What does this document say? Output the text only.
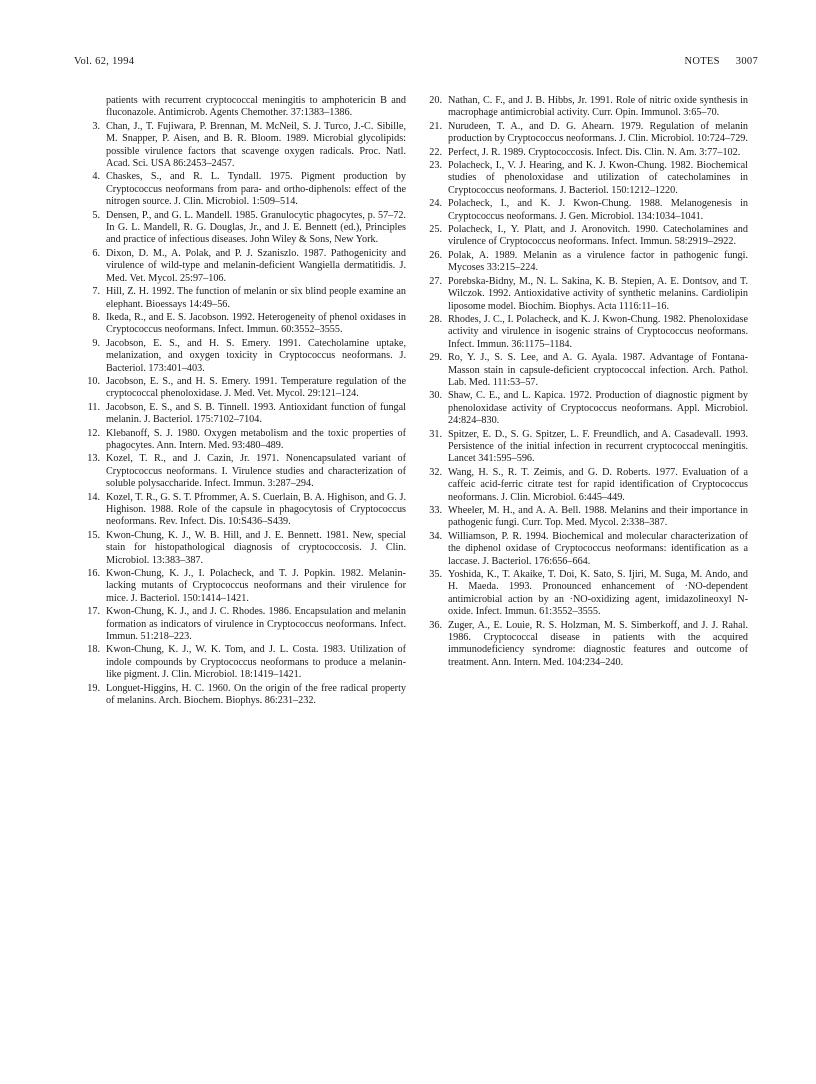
Vol. 62, 1994	NOTES 3007
patients with recurrent cryptococcal meningitis to amphotericin B and fluconazole. Antimicrob. Agents Chemother. 37:1383–1386.
3. Chan, J., T. Fujiwara, P. Brennan, M. McNeil, S. J. Turco, J.-C. Sibille, M. Snapper, P. Aisen, and B. R. Bloom. 1989. Microbial glycolipids: possible virulence factors that scavenge oxygen radicals. Proc. Natl. Acad. Sci. USA 86:2453–2457.
4. Chaskes, S., and R. L. Tyndall. 1975. Pigment production by Cryptococcus neoformans from para- and ortho-diphenols: effect of the nitrogen source. J. Clin. Microbiol. 1:509–514.
5. Densen, P., and G. L. Mandell. 1985. Granulocytic phagocytes, p. 57–72. In G. L. Mandell, R. G. Douglas, Jr., and J. E. Bennett (ed.), Principles and practice of infectious diseases. John Wiley & Sons, New York.
6. Dixon, D. M., A. Polak, and P. J. Szaniszlo. 1987. Pathogenicity and virulence of wild-type and melanin-deficient Wangiella dermatitidis. J. Med. Vet. Mycol. 25:97–106.
7. Hill, Z. H. 1992. The function of melanin or six blind people examine an elephant. Bioessays 14:49–56.
8. Ikeda, R., and E. S. Jacobson. 1992. Heterogeneity of phenol oxidases in Cryptococcus neoformans. Infect. Immun. 60:3552–3555.
9. Jacobson, E. S., and H. S. Emery. 1991. Catecholamine uptake, melanization, and oxygen toxicity in Cryptococcus neoformans. J. Bacteriol. 173:401–403.
10. Jacobson, E. S., and H. S. Emery. 1991. Temperature regulation of the cryptococcal phenoloxidase. J. Med. Vet. Mycol. 29:121–124.
11. Jacobson, E. S., and S. B. Tinnell. 1993. Antioxidant function of fungal melanin. J. Bacteriol. 175:7102–7104.
12. Klebanoff, S. J. 1980. Oxygen metabolism and the toxic properties of phagocytes. Ann. Intern. Med. 93:480–489.
13. Kozel, T. R., and J. Cazin, Jr. 1971. Nonencapsulated variant of Cryptococcus neoformans. I. Virulence studies and characterization of soluble polysaccharide. Infect. Immun. 3:287–294.
14. Kozel, T. R., G. S. T. Pfrommer, A. S. Cuerlain, B. A. Highison, and G. J. Highison. 1988. Role of the capsule in phagocytosis of Cryptococcus neoformans. Rev. Infect. Dis. 10:S436–S439.
15. Kwon-Chung, K. J., W. B. Hill, and J. E. Bennett. 1981. New, special stain for histopathological diagnosis of cryptococcosis. J. Clin. Microbiol. 13:383–387.
16. Kwon-Chung, K. J., I. Polacheck, and T. J. Popkin. 1982. Melanin-lacking mutants of Cryptococcus neoformans and their virulence for mice. J. Bacteriol. 150:1414–1421.
17. Kwon-Chung, K. J., and J. C. Rhodes. 1986. Encapsulation and melanin formation as indicators of virulence in Cryptococcus neoformans. Infect. Immun. 51:218–223.
18. Kwon-Chung, K. J., W. K. Tom, and J. L. Costa. 1983. Utilization of indole compounds by Cryptococcus neoformans to produce a melanin-like pigment. J. Clin. Microbiol. 18:1419–1421.
19. Longuet-Higgins, H. C. 1960. On the origin of the free radical property of melanins. Arch. Biochem. Biophys. 86:231–232.
20. Nathan, C. F., and J. B. Hibbs, Jr. 1991. Role of nitric oxide synthesis in macrophage antimicrobial activity. Curr. Opin. Immunol. 3:65–70.
21. Nurudeen, T. A., and D. G. Ahearn. 1979. Regulation of melanin production by Cryptococcus neoformans. J. Clin. Microbiol. 10:724–729.
22. Perfect, J. R. 1989. Cryptococcosis. Infect. Dis. Clin. N. Am. 3:77–102.
23. Polacheck, I., V. J. Hearing, and K. J. Kwon-Chung. 1982. Biochemical studies of phenoloxidase and utilization of catecholamines in Cryptococcus neoformans. J. Bacteriol. 150:1212–1220.
24. Polacheck, I., and K. J. Kwon-Chung. 1988. Melanogenesis in Cryptococcus neoformans. J. Gen. Microbiol. 134:1034–1041.
25. Polacheck, I., Y. Platt, and J. Aronovitch. 1990. Catecholamines and virulence of Cryptococcus neoformans. Infect. Immun. 58:2919–2922.
26. Polak, A. 1989. Melanin as a virulence factor in pathogenic fungi. Mycoses 33:215–224.
27. Porebska-Bidny, M., N. L. Sakina, K. B. Stepien, A. E. Dontsov, and T. Wilczok. 1992. Antioxidative activity of synthetic melanins. Cardiolipin liposome model. Biochim. Biophys. Acta 1116:11–16.
28. Rhodes, J. C., I. Polacheck, and K. J. Kwon-Chung. 1982. Phenoloxidase activity and virulence in isogenic strains of Cryptococcus neoformans. Infect. Immun. 36:1175–1184.
29. Ro, Y. J., S. S. Lee, and A. G. Ayala. 1987. Advantage of Fontana-Masson stain in capsule-deficient cryptococcal infection. Arch. Pathol. Lab. Med. 111:53–57.
30. Shaw, C. E., and L. Kapica. 1972. Production of diagnostic pigment by phenoloxidase activity of Cryptococcus neoformans. Appl. Microbiol. 24:824–830.
31. Spitzer, E. D., S. G. Spitzer, L. F. Freundlich, and A. Casadevall. 1993. Persistence of the initial infection in recurrent cryptococcal meningitis. Lancet 341:595–596.
32. Wang, H. S., R. T. Zeimis, and G. D. Roberts. 1977. Evaluation of a caffeic acid-ferric citrate test for rapid identification of Cryptococcus neoformans. J. Clin. Microbiol. 6:445–449.
33. Wheeler, M. H., and A. A. Bell. 1988. Melanins and their importance in pathogenic fungi. Curr. Top. Med. Mycol. 2:338–387.
34. Williamson, P. R. 1994. Biochemical and molecular characterization of the diphenol oxidase of Cryptococcus neoformans: identification as a laccase. J. Bacteriol. 176:656–664.
35. Yoshida, K., T. Akaike, T. Doi, K. Sato, S. Ijiri, M. Suga, M. Ando, and H. Maeda. 1993. Pronounced enhancement of ·NO-dependent antimicrobial action by an ·NO-oxidizing agent, imidazolineoxyl N-oxide. Infect. Immun. 61:3552–3555.
36. Zuger, A., E. Louie, R. S. Holzman, M. S. Simberkoff, and J. J. Rahal. 1986. Cryptococcal disease in patients with the acquired immunodeficiency syndrome: diagnostic features and outcome of treatment. Ann. Intern. Med. 104:234–240.
